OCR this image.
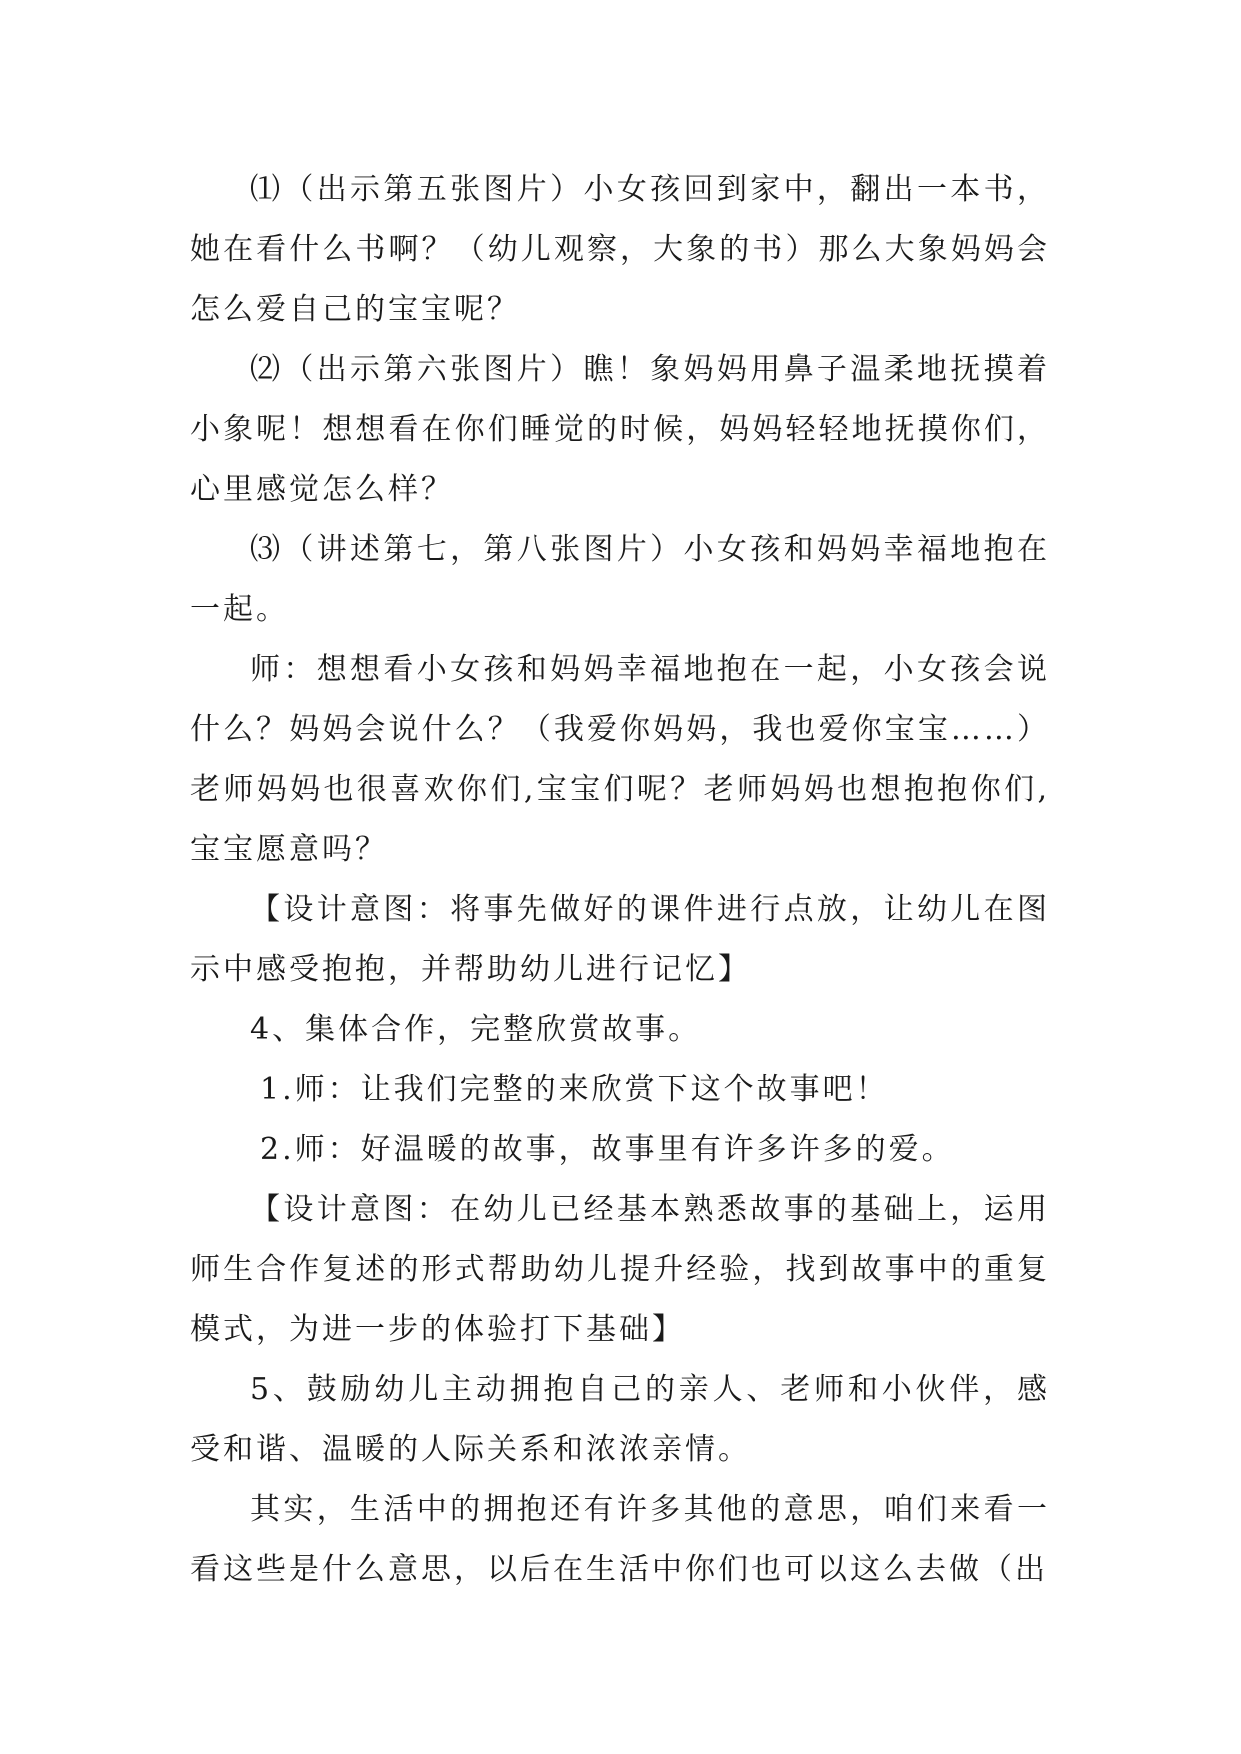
⑴（出示第五张图片）小女孩回到家中，翻出一本书，她在看什么书啊？（幼儿观察，大象的书）那么大象妈妈会怎么爱自己的宝宝呢？

⑵（出示第六张图片）瞧！象妈妈用鼻子温柔地抚摸着小象呢！想想看在你们睡觉的时候，妈妈轻轻地抚摸你们，心里感觉怎么样？

⑶（讲述第七，第八张图片）小女孩和妈妈幸福地抱在一起。

师：想想看小女孩和妈妈幸福地抱在一起，小女孩会说什么？妈妈会说什么？（我爱你妈妈，我也爱你宝宝……）老师妈妈也很喜欢你们,宝宝们呢？老师妈妈也想抱抱你们,宝宝愿意吗？

【设计意图：将事先做好的课件进行点放，让幼儿在图示中感受抱抱，并帮助幼儿进行记忆】

4、集体合作，完整欣赏故事。

1.师：让我们完整的来欣赏下这个故事吧！

2.师：好温暖的故事，故事里有许多许多的爱。

【设计意图：在幼儿已经基本熟悉故事的基础上，运用师生合作复述的形式帮助幼儿提升经验，找到故事中的重复模式，为进一步的体验打下基础】

5、鼓励幼儿主动拥抱自己的亲人、老师和小伙伴，感受和谐、温暖的人际关系和浓浓亲情。

其实，生活中的拥抱还有许多其他的意思，咱们来看一看这些是什么意思，以后在生活中你们也可以这么去做（出
